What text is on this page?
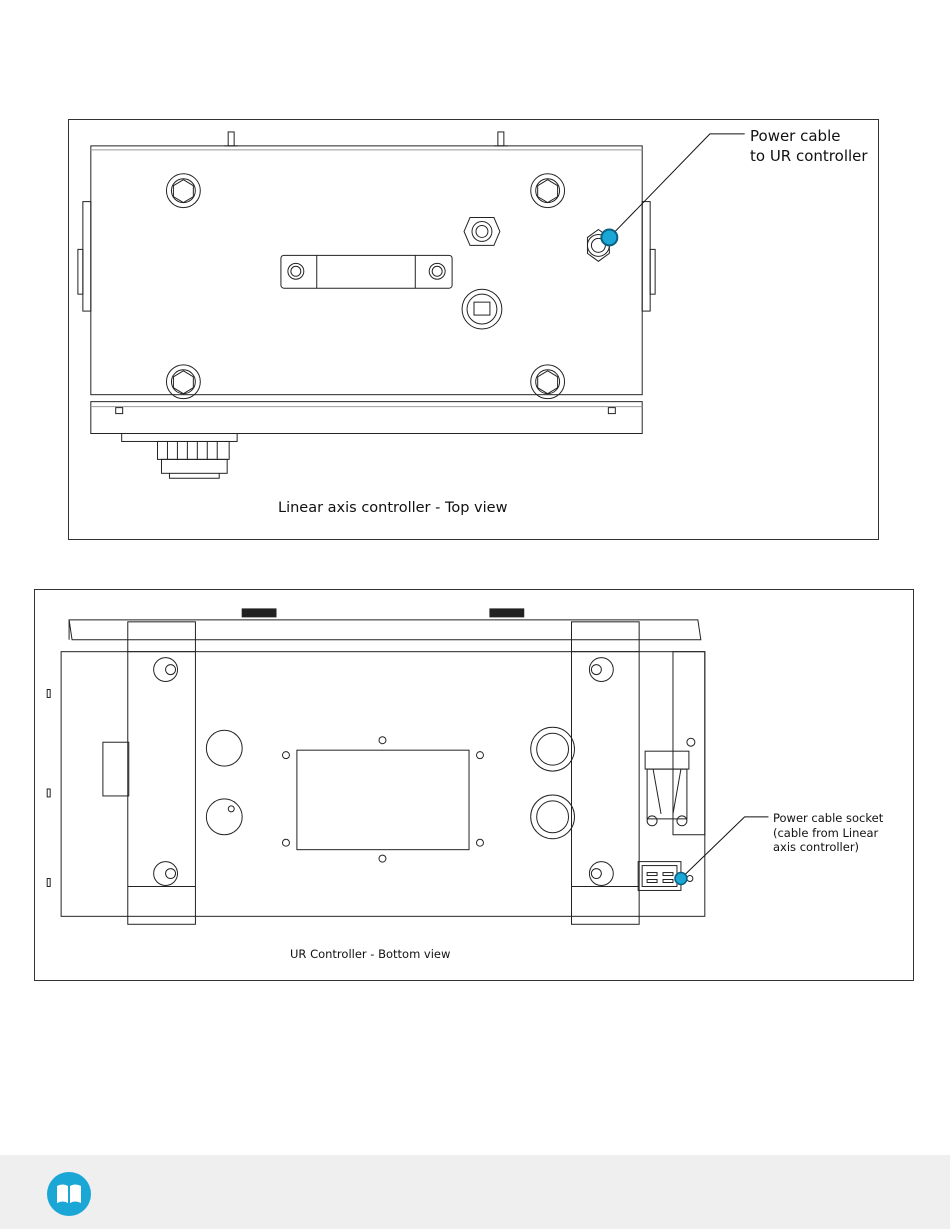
Power cable
to UR controller
Linear axis controller - Top view
Power cable socket
(cable from Linear
axis controller)
UR Controller - Bottom view
